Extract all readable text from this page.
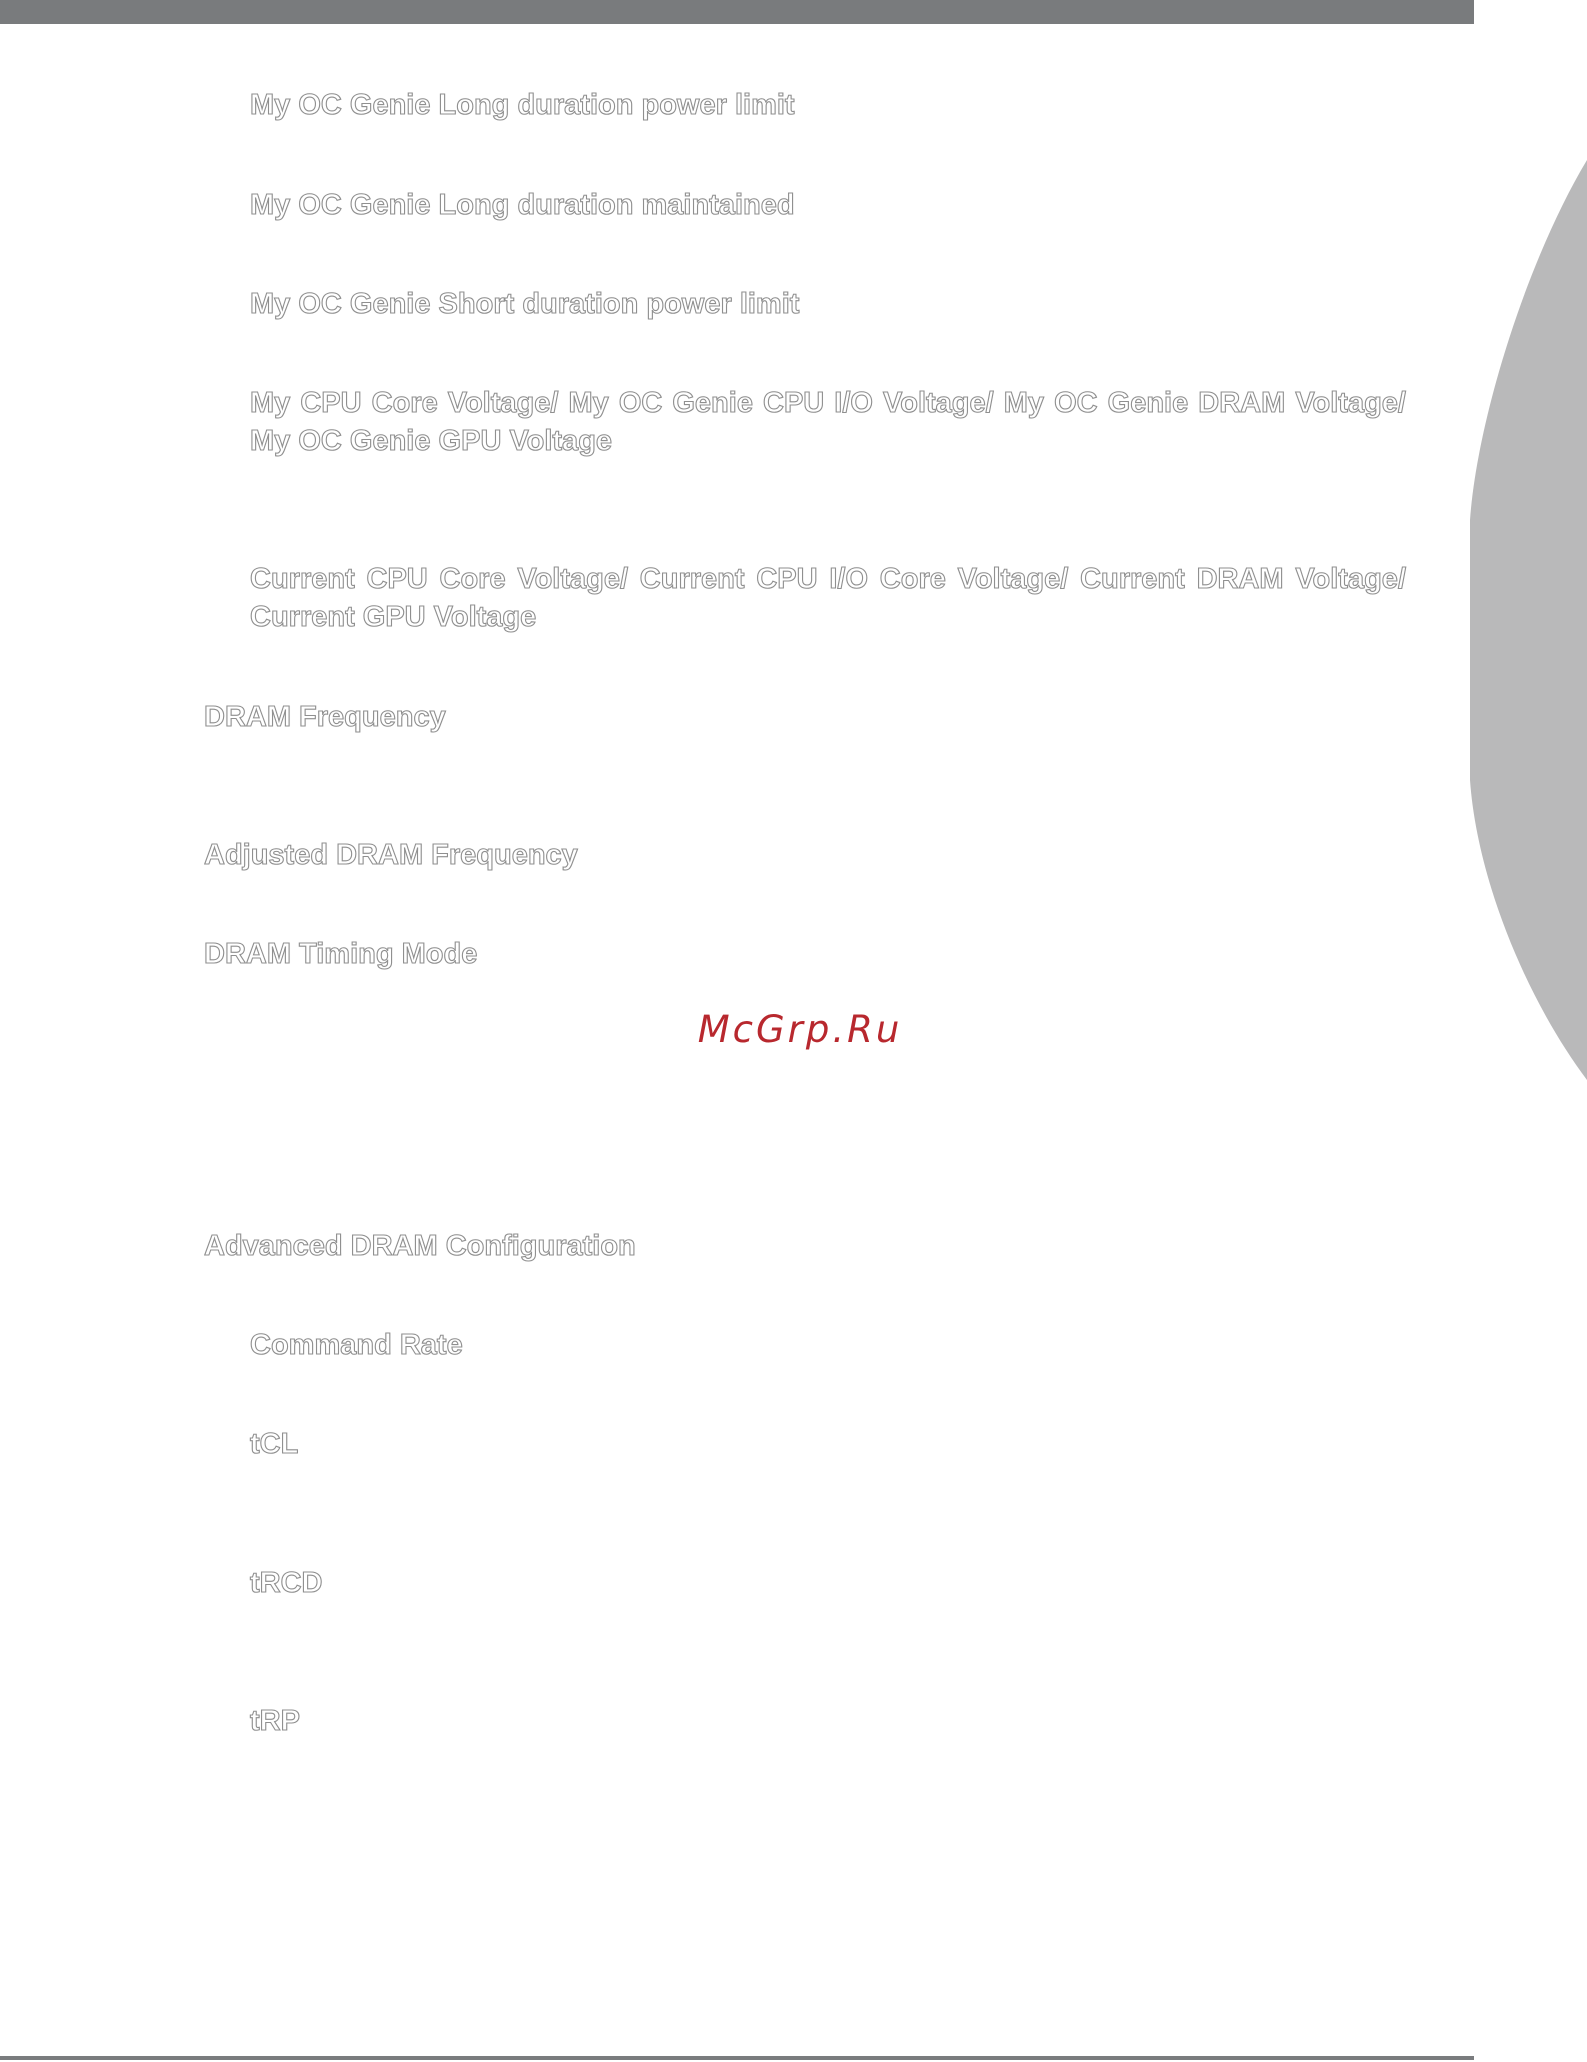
My OC Genie Long duration power limit
My OC Genie Long duration maintained
My OC Genie Short duration power limit
My CPU Core Voltage/ My OC Genie CPU I/O Voltage/ My OC Genie DRAM Voltage/ My OC Genie GPU Voltage
Current CPU Core Voltage/ Current CPU I/O Core Voltage/ Current DRAM Voltage/ Current GPU Voltage
DRAM Frequency
Adjusted DRAM Frequency
DRAM Timing Mode
McGrp.Ru
Advanced DRAM Configuration
Command Rate
tCL
tRCD
tRP
